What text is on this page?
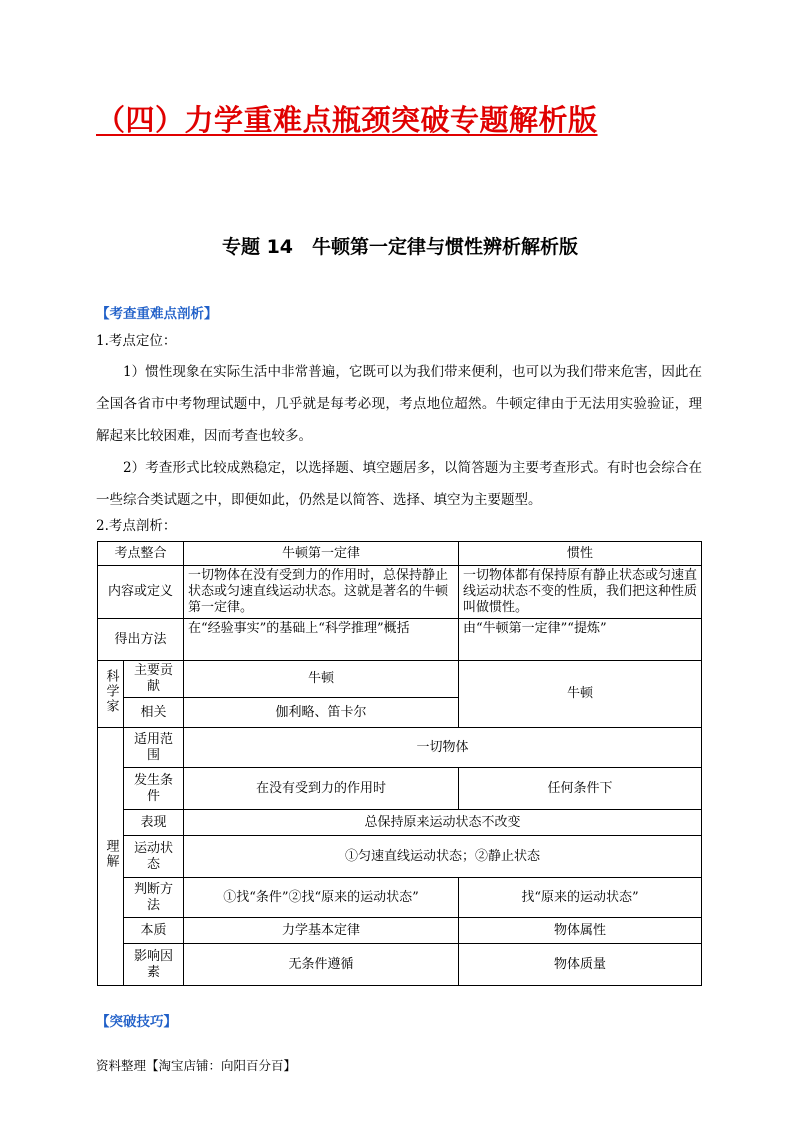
（四）力学重难点瓶颈突破专题解析版
专题 14　牛顿第一定律与惯性辨析解析版
【考查重难点剖析】
1.考点定位：
1）惯性现象在实际生活中非常普遍，它既可以为我们带来便利，也可以为我们带来危害，因此在全国各省市中考物理试题中，几乎就是每考必现，考点地位超然。牛顿定律由于无法用实验验证，理解起来比较困难，因而考查也较多。
2）考查形式比较成熟稳定，以选择题、填空题居多，以简答题为主要考查形式。有时也会综合在一些综合类试题之中，即便如此，仍然是以简答、选择、填空为主要题型。
2.考点剖析：
考点整合		牛顿第一定律	惯性
内容或定义		一切物体在没有受到力的作用时，总保持静止状态或匀速直线运动状态。这就是著名的牛顿第一定律。	一切物体都有保持原有静止状态或匀速直线运动状态不变的性质，我们把这种性质叫做惯性。
得出方法		在“经验事实”的基础上“科学推理”概括	由“牛顿第一定律”“提炼”
科学家	主要贡献	牛顿	牛顿
	相关	伽利略、笛卡尔	
理解	适用范围	一切物体	
	发生条件	在没有受到力的作用时	任何条件下
	表现	总保持原来运动状态不改变	
	运动状态	①匀速直线运动状态；②静止状态	
	判断方法	①找“条件”②找“原来的运动状态”	找“原来的运动状态”
	本质	力学基本定律	物体属性
	影响因素	无条件遵循	物体质量
【突破技巧】
资料整理【淘宝店铺：向阳百分百】
